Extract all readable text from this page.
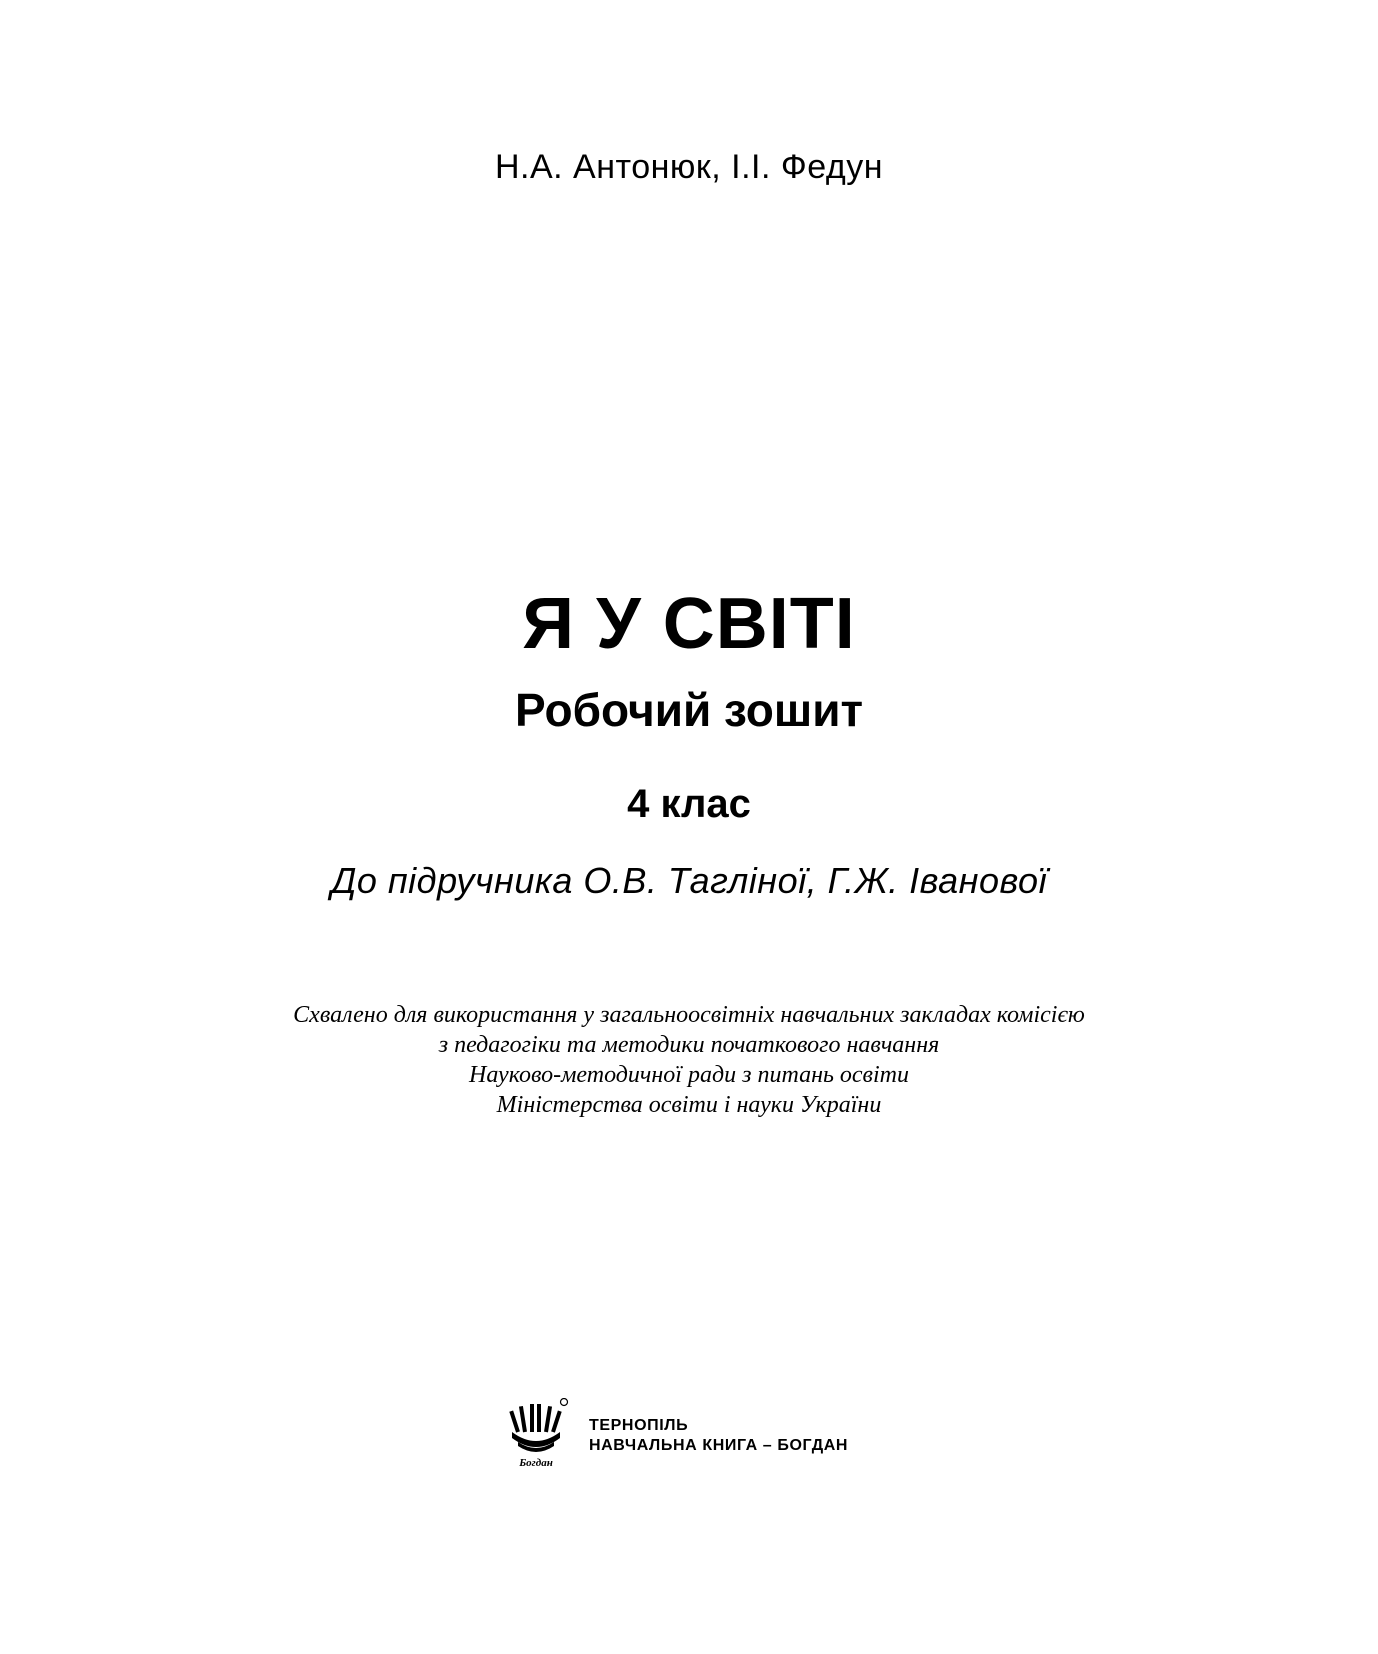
Н.А. Антонюк, І.І. Федун
Я У СВІТІ
Робочий зошит
4 клас
До підручника О.В. Тагліної, Г.Ж. Іванової
Схвалено для використання у загальноосвітніх навчальних закладах комісією
з педагогіки та методики початкового навчання
Науково-методичної ради з питань освіти
Міністерства освіти і науки України
Богдан
ТЕРНОПІЛЬ
НАВЧАЛЬНА КНИГА – БОГДАН
